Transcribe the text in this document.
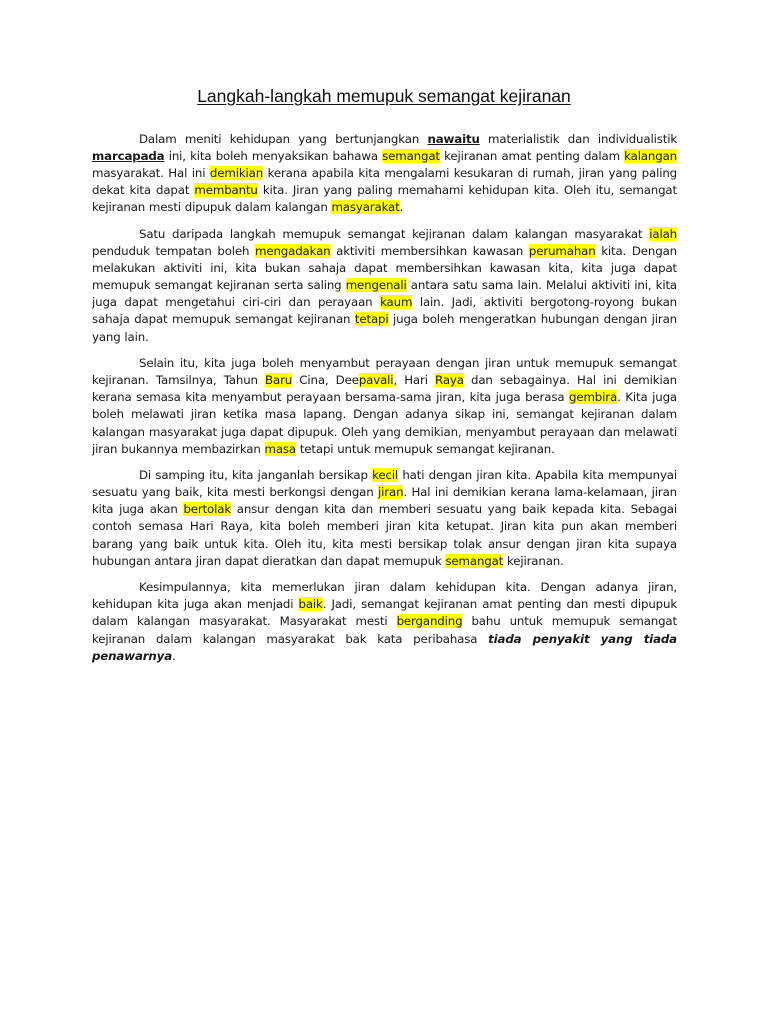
Langkah-langkah memupuk semangat kejiranan

Dalam meniti kehidupan yang bertunjangkan nawaitu materialistik dan individualistik marcapada ini, kita boleh menyaksikan bahawa semangat kejiranan amat penting dalam kalangan masyarakat. Hal ini demikian kerana apabila kita mengalami kesukaran di rumah, jiran yang paling dekat kita dapat membantu kita. Jiran yang paling memahami kehidupan kita. Oleh itu, semangat kejiranan mesti dipupuk dalam kalangan masyarakat.

Satu daripada langkah memupuk semangat kejiranan dalam kalangan masyarakat ialah penduduk tempatan boleh mengadakan aktiviti membersihkan kawasan perumahan kita. Dengan melakukan aktiviti ini, kita bukan sahaja dapat membersihkan kawasan kita, kita juga dapat memupuk semangat kejiranan serta saling mengenali antara satu sama lain. Melalui aktiviti ini, kita juga dapat mengetahui ciri-ciri dan perayaan kaum lain. Jadi, aktiviti bergotong-royong bukan sahaja dapat memupuk semangat kejiranan tetapi juga boleh mengeratkan hubungan dengan jiran yang lain.

Selain itu, kita juga boleh menyambut perayaan dengan jiran untuk memupuk semangat kejiranan. Tamsilnya, Tahun Baru Cina, Deepavali, Hari Raya dan sebagainya. Hal ini demikian kerana semasa kita menyambut perayaan bersama-sama jiran, kita juga berasa gembira. Kita juga boleh melawati jiran ketika masa lapang. Dengan adanya sikap ini, semangat kejiranan dalam kalangan masyarakat juga dapat dipupuk. Oleh yang demikian, menyambut perayaan dan melawati jiran bukannya membazirkan masa tetapi untuk memupuk semangat kejiranan.

Di samping itu, kita janganlah bersikap kecil hati dengan jiran kita. Apabila kita mempunyai sesuatu yang baik, kita mesti berkongsi dengan jiran. Hal ini demikian kerana lama-kelamaan, jiran kita juga akan bertolak ansur dengan kita dan memberi sesuatu yang baik kepada kita. Sebagai contoh semasa Hari Raya, kita boleh memberi jiran kita ketupat. Jiran kita pun akan memberi barang yang baik untuk kita. Oleh itu, kita mesti bersikap tolak ansur dengan jiran kita supaya hubungan antara jiran dapat dieratkan dan dapat memupuk semangat kejiranan.

Kesimpulannya, kita memerlukan jiran dalam kehidupan kita. Dengan adanya jiran, kehidupan kita juga akan menjadi baik. Jadi, semangat kejiranan amat penting dan mesti dipupuk dalam kalangan masyarakat. Masyarakat mesti berganding bahu untuk memupuk semangat kejiranan dalam kalangan masyarakat bak kata peribahasa tiada penyakit yang tiada penawarnya.
